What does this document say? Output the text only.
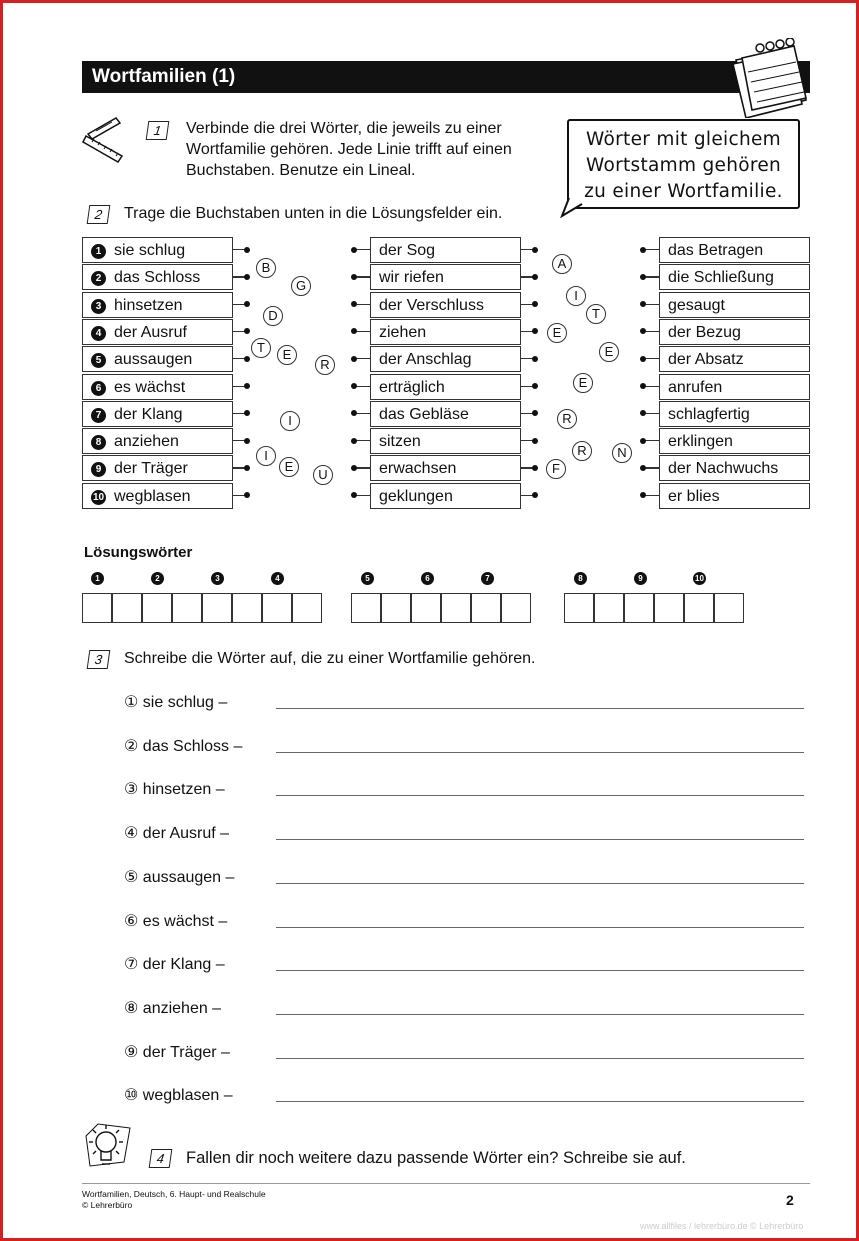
Wortfamilien (1)
1	Verbinde die drei Wörter, die jeweils zu einer
Wortfamilie gehören. Jede Linie trifft auf einen
Buchstaben. Benutze ein Lineal.
Wörter mit gleichem
Wortstamm gehören
zu einer Wortfamilie.
2	Trage die Buchstaben unten in die Lösungsfelder ein.
Lösungswörter
3	Schreibe die Wörter auf, die zu einer Wortfamilie gehören.
4	Fallen dir noch weitere dazu passende Wörter ein? Schreibe sie auf.
Wortfamilien, Deutsch, 6. Haupt- und Realschule
© Lehrerbüro	2
www.allfiles / lehrerbüro.de © Lehrerbüro
1 sie schlug
2 das Schloss
3 hinsetzen
4 der Ausruf
5 aussaugen
6 es wächst
7 der Klang
8 anziehen
9 der Träger
10 wegblasen
der Sog
wir riefen
der Verschluss
ziehen
der Anschlag
erträglich
das Gebläse
sitzen
erwachsen
geklungen
das Betragen
die Schließung
gesaugt
der Bezug
der Absatz
anrufen
schlagfertig
erklingen
der Nachwuchs
er blies
B
G
D
T	E
R
I
I
E
U
A
I
T
E
E
E
R
R	N
F
1	2	3	4	5	6	7	8	9	10
① sie schlug –
② das Schloss –
③ hinsetzen –
④ der Ausruf –
⑤ aussaugen –
⑥ es wächst –
⑦ der Klang –
⑧ anziehen –
⑨ der Träger –
⑩ wegblasen –
